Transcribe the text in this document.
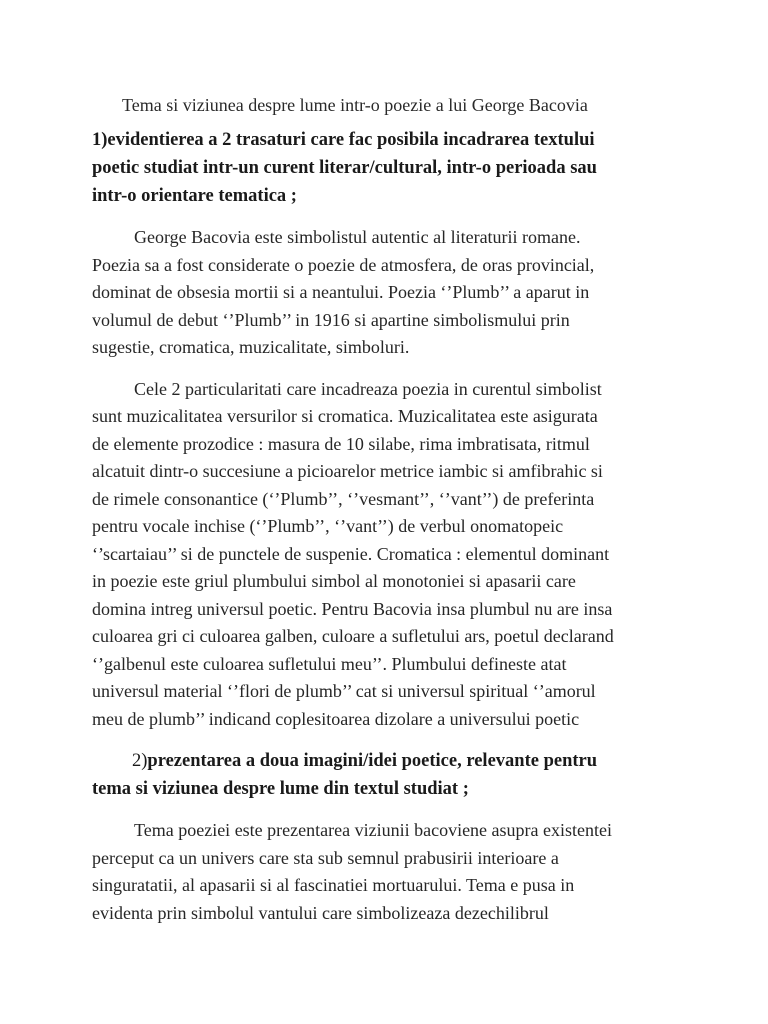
Tema si viziunea despre lume intr-o poezie a lui George Bacovia
1)evidentierea a 2 trasaturi care fac posibila incadrarea textului
poetic studiat intr-un curent literar/cultural, intr-o perioada sau
intr-o orientare tematica ;
George Bacovia este simbolistul autentic al literaturii romane.
Poezia sa a fost considerate o poezie de atmosfera, de oras provincial,
dominat de obsesia mortii si a neantului. Poezia ‘’Plumb’’ a aparut in
volumul de debut ‘’Plumb’’ in 1916 si apartine simbolismului prin
sugestie, cromatica, muzicalitate, simboluri.
Cele 2 particularitati care incadreaza poezia in curentul simbolist
sunt muzicalitatea versurilor si cromatica. Muzicalitatea este asigurata
de elemente prozodice : masura de 10 silabe, rima imbratisata, ritmul
alcatuit dintr-o succesiune a picioarelor metrice iambic si amfibrahic si
de rimele consonantice (‘’Plumb’’, ‘’vesmant’’, ‘’vant’’) de preferinta
pentru vocale inchise (‘’Plumb’’, ‘’vant’’) de verbul onomatopeic
‘’scartaiau’’ si de punctele de suspenie. Cromatica : elementul dominant
in poezie este griul plumbului simbol al monotoniei si apasarii care
domina intreg universul poetic. Pentru Bacovia insa plumbul nu are insa
culoarea gri ci culoarea galben, culoare a sufletului ars, poetul declarand
‘’galbenul este culoarea sufletului meu’’. Plumbului defineste atat
universul material ‘’flori de plumb’’ cat si universul spiritual ‘’amorul
meu de plumb’’ indicand coplesitoarea dizolare a universului poetic
2)prezentarea a doua imagini/idei poetice, relevante pentru
tema si viziunea despre lume din textul studiat ;
Tema poeziei este prezentarea viziunii bacoviene asupra existentei
perceput ca un univers care sta sub semnul prabusirii interioare a
singuratatii, al apasarii si al fascinatiei mortuarului. Tema e pusa in
evidenta prin simbolul vantului care simbolizeaza dezechilibrul
